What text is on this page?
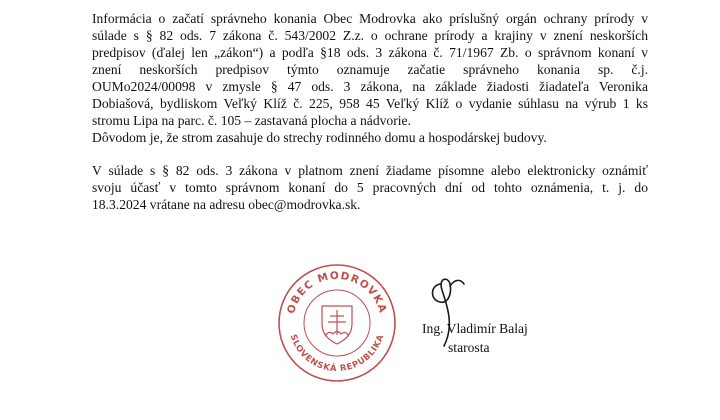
Informácia o začatí správneho konania Obec Modrovka ako príslušný orgán ochrany prírody v
súlade s § 82 ods. 7 zákona č. 543/2002 Z.z. o ochrane prírody a krajiny v znení neskorších
predpisov (ďalej len „zákon“) a podľa §18 ods. 3 zákona č. 71/1967 Zb. o správnom konaní v
znení neskorších predpisov týmto oznamuje začatie správneho konania sp. č.j.
OUMo2024/00098 v zmysle § 47 ods. 3 zákona, na základe žiadosti žiadateľa Veronika
Dobiašová, bydliskom Veľký Klíž č. 225, 958 45 Veľký Klíž o vydanie súhlasu na výrub 1 ks
stromu Lipa na parc. č. 105 – zastavaná plocha a nádvorie.
Dôvodom je, že strom zasahuje do strechy rodinného domu a hospodárskej budovy.

V súlade s § 82 ods. 3 zákona v platnom znení žiadame písomne alebo elektronicky oznámiť
svoju účasť v tomto správnom konaní do 5 pracovných dní od tohto oznámenia, t. j. do
18.3.2024 vrátane na adresu obec@modrovka.sk.

OBEC MODROVKA
SLOVENSKÁ REPUBLIKA
Ing. Vladimír Balaj
starosta
